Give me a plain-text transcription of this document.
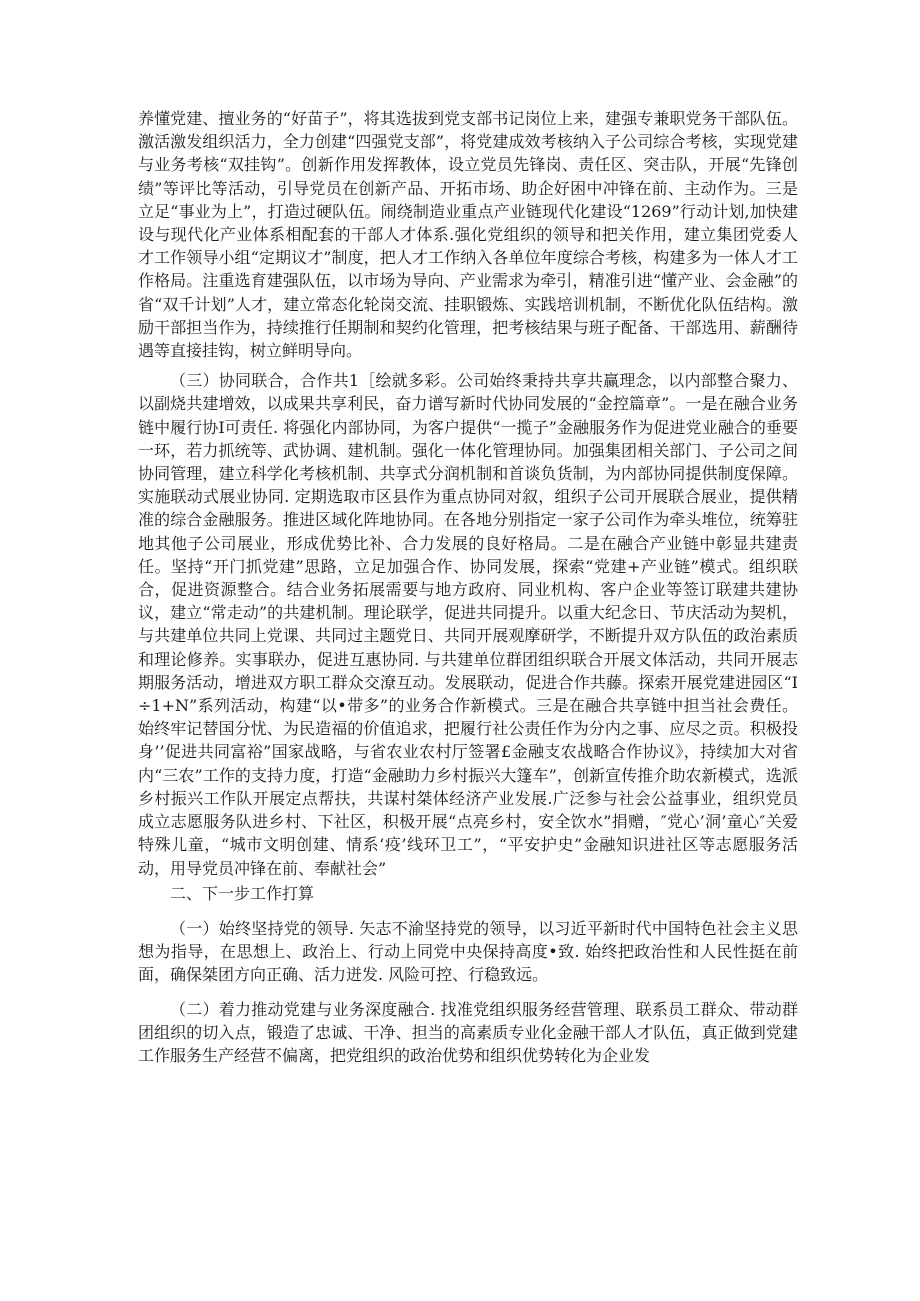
养懂党建、擅业务的“好苗子”，将其选拔到党支部书记岗位上来，建强专兼职党务干部队伍。激活激发组织活力，全力创建“四强党支部”，将党建成效考核纳入子公司综合考核，实现党建与业务考核“双挂钩”。创新作用发挥教体，设立党员先锋岗、责任区、突击队，开展“先锋创绩”等评比等活动，引导党员在创新产品、开拓市场、助企好困中冲锋在前、主动作为。三是立足“事业为上”，打造过硬队伍。闹绕制造业重点产业链现代化建设“1269”行动计划,加快建设与现代化产业体系相配套的干部人才体系.强化党组织的领导和把关作用，建立集团党委人才工作领导小组“定期议才”制度，把人才工作纳入各单位年度综合考核，构建多为一体人才工作格局。注重选育建强队伍，以市场为导向、产业需求为牵引，精准引进“懂产业、会金融”的省“双千计划”人才，建立常态化轮岗交流、挂职锻炼、实践培训机制，不断优化队伍结构。激励干部担当作为，持续推行任期制和契约化管理，把考核结果与班子配备、干部选用、薪酬待遇等直接挂钩，树立鲜明导向。

（三）协同联合，合作共1［绘就多彩。公司始终秉持共享共赢理念，以内部整合聚力、以副烧共建增效，以成果共享利民，奋力谱写新时代协同发展的“金控篇章”。一是在融合业务链中履行协I可责任. 将强化内部协同，为客户提供“一揽子”金融服务作为促进党业融合的垂要一环，若力抓统等、武协调、建机制。强化一体化管理协同。加强集团相关部门、子公司之间协同管理，建立科学化考核机制、共享式分润机制和首谈负货制，为内部协同提供制度保障。实施联动式展业协同. 定期选取市区县作为重点协同对叙，组织子公司开展联合展业，提供精准的综合金融服务。推进区域化阵地协同。在各地分别指定一家子公司作为牵头堆位，统筹驻地其他子公司展业，形成优势比补、合力发展的良好格局。二是在融合产业链中彰显共建责任。坚持“开门抓党建”思路，立足加强合作、协同发展，探索“党建+产业链”模式。组织联合，促进资源整合。结合业务拓展需要与地方政府、同业机构、客户企业等签订联建共建协议，建立“常走动”的共建机制。理论联学，促进共同提升。以重大纪念日、节庆活动为契机，与共建单位共同上党课、共同过主题党日、共同开展观摩研学，不断提升双方队伍的政治素质和理论修养。实事联办，促进互惠协同. 与共建单位群团组织联合开展文体活动，共同开展志期服务活动，增进双方职工群众交潦互动。发展联动，促进合作共藤。探索开展党建进园区“I÷1+N”系列活动，构建“以•带多”的业务合作新模式。三是在融合共享链中担当社会费任。始终牢记替国分忧、为民造福的价值追求，把履行社公责任作为分内之事、应尽之贡。积极投身’’促进共同富裕”国家战略，与省农业农村厅签署£金融支农战略合作协议》，持续加大对省内“三农”工作的支持力度，打造“金融助力乡村振兴大篷车”，创新宣传推介助农新模式，选派乡村振兴工作队开展定点帮扶，共谋村桀体经济产业发展.广泛参与社会公益事业，组织党员成立志愿服务队进乡村、下社区，积极开展“点亮乡村，安全饮水”捐赠，″党心’洞’童心″关爱特殊儿童，“城市文明创建、情系‘疫’线环卫工”，“平安护史”金融知识进社区等志愿服务活动，用导党员冲锋在前、奉献社会”

二、下一步工作打算

（一）始终坚持党的领导. 矢志不渝坚持党的领导，以习近平新时代中国特色社会主义思想为指导，在思想上、政治上、行动上同党中央保持高度•致. 始终把政治性和人民性挺在前面，确保桀团方向正确、活力迸发. 风险可控、行稳致远。

（二）着力推动党建与业务深度融合. 找准党组织服务经营管理、联系员工群众、带动群团组织的切入点，锻造了忠诚、干净、担当的高素质专业化金融干部人才队伍，真正做到党建工作服务生产经营不偏离，把党组织的政治优势和组织优势转化为企业发
